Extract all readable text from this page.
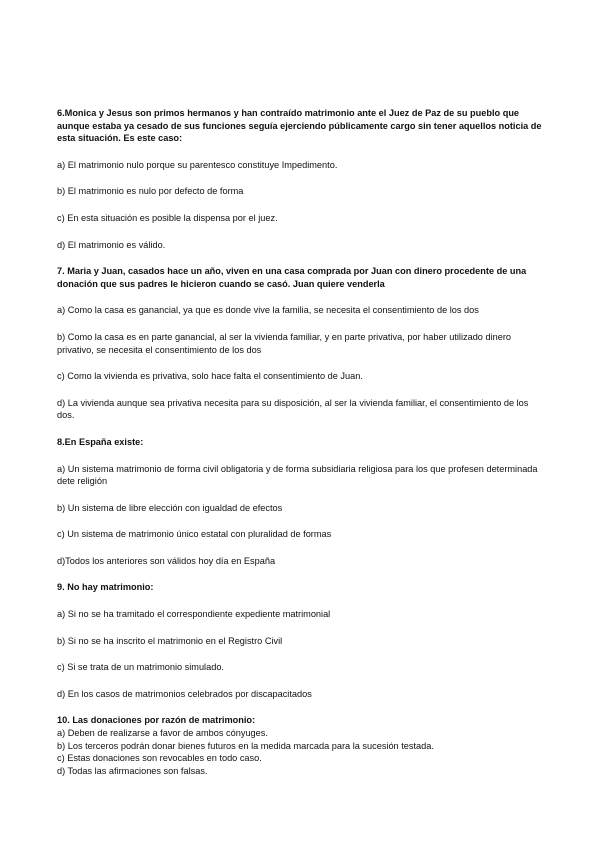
6.Monica y Jesus son primos hermanos y han contraído matrimonio ante el Juez de Paz de su pueblo que aunque estaba ya cesado de sus funciones seguía ejerciendo públicamente cargo sin tener aquellos noticia de esta situación. Es este caso:

a) El matrimonio nulo porque su parentesco constituye Impedimento.

b) El matrimonio es nulo por defecto de forma

c) En esta situación es posible la dispensa por el juez.

d) El matrimonio es válido.

7. Maria y Juan, casados hace un año, viven en una casa comprada por Juan con dinero procedente de una donación que sus padres le hicieron cuando se casó. Juan quiere venderla

a) Como la casa es ganancial, ya que es donde vive la familia, se necesita el consentimiento de los dos

b) Como la casa es en parte ganancial, al ser la vivienda familiar, y en parte privativa, por haber utilizado dinero privativo, se necesita el consentimiento de los dos

c) Como la vivienda es privativa, solo hace falta el consentimiento de Juan.

d) La vivienda aunque sea privativa necesita para su disposición, al ser la vivienda familiar, el consentimiento de los dos.

8.En España existe:

a) Un sistema matrimonio de forma civil obligatoria y de forma subsidiaria religiosa para los que profesen determinada dete religión

b) Un sistema de libre elección con igualdad de efectos

c) Un sistema de matrimonio único estatal con pluralidad de formas

d)Todos los anteriores son válidos hoy día en España

9. No hay matrimonio:

a) Si no se ha tramitado el correspondiente expediente matrimonial

b) Si no se ha inscrito el matrimonio en el Registro Civil

c) Si se trata de un matrimonio simulado.

d) En los casos de matrimonios celebrados por discapacitados

10. Las donaciones por razón de matrimonio:

a) Deben de realizarse a favor de ambos cónyuges.

b) Los terceros podrán donar bienes futuros en la medida marcada para la sucesión testada.

c) Estas donaciones son revocables en todo caso.

d) Todas las afirmaciones son falsas.
